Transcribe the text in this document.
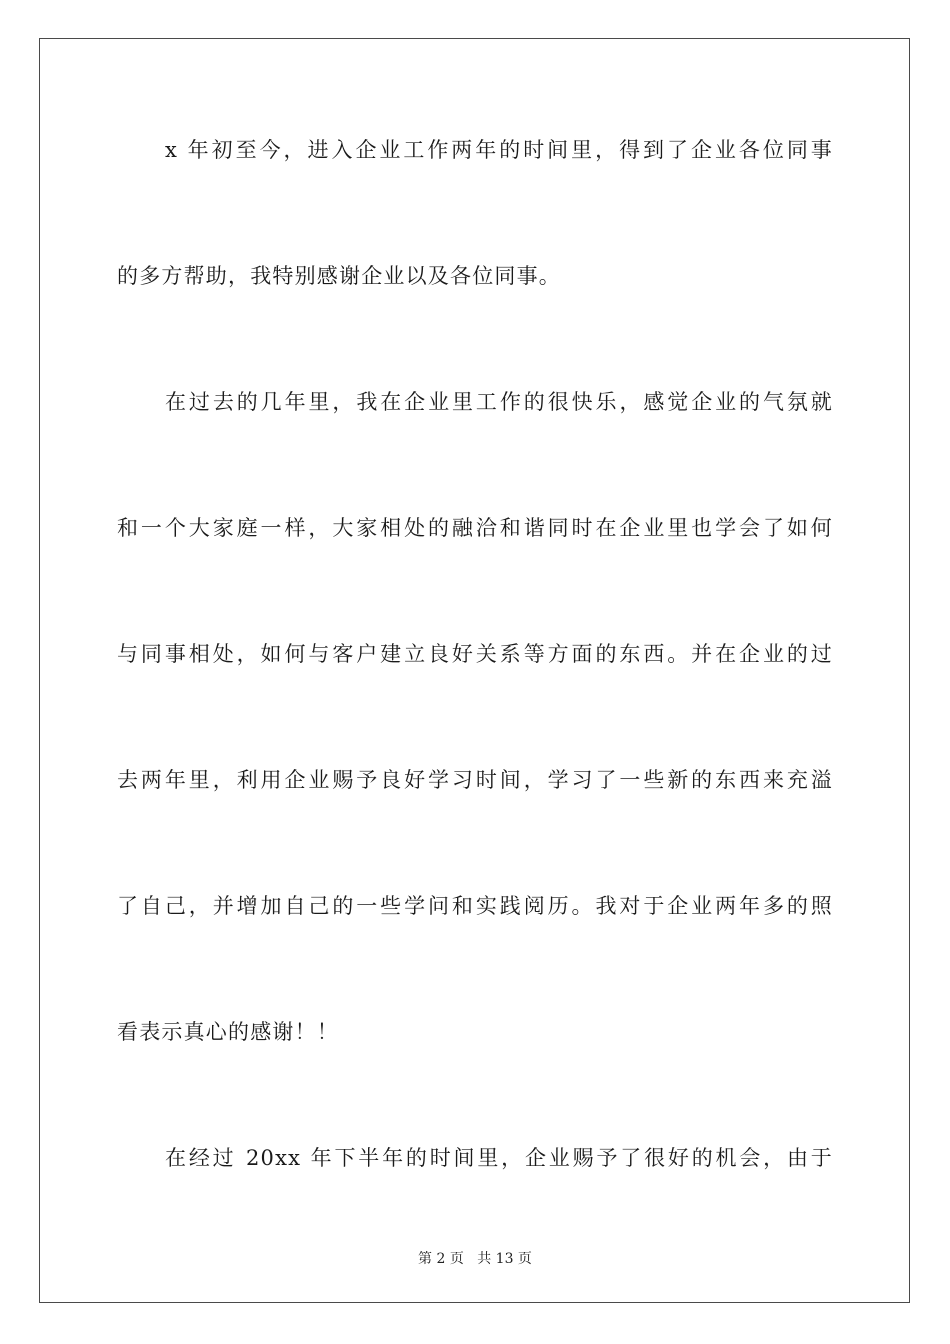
x 年初至今，进入企业工作两年的时间里，得到了企业各位同事
的多方帮助，我特别感谢企业以及各位同事。
在过去的几年里，我在企业里工作的很快乐，感觉企业的气氛就
和一个大家庭一样，大家相处的融洽和谐同时在企业里也学会了如何
与同事相处，如何与客户建立良好关系等方面的东西。并在企业的过
去两年里，利用企业赐予良好学习时间，学习了一些新的东西来充溢
了自己，并增加自己的一些学问和实践阅历。我对于企业两年多的照
看表示真心的感谢！！
在经过 20xx 年下半年的时间里，企业赐予了很好的机会，由于
第 2 页 共 13 页
